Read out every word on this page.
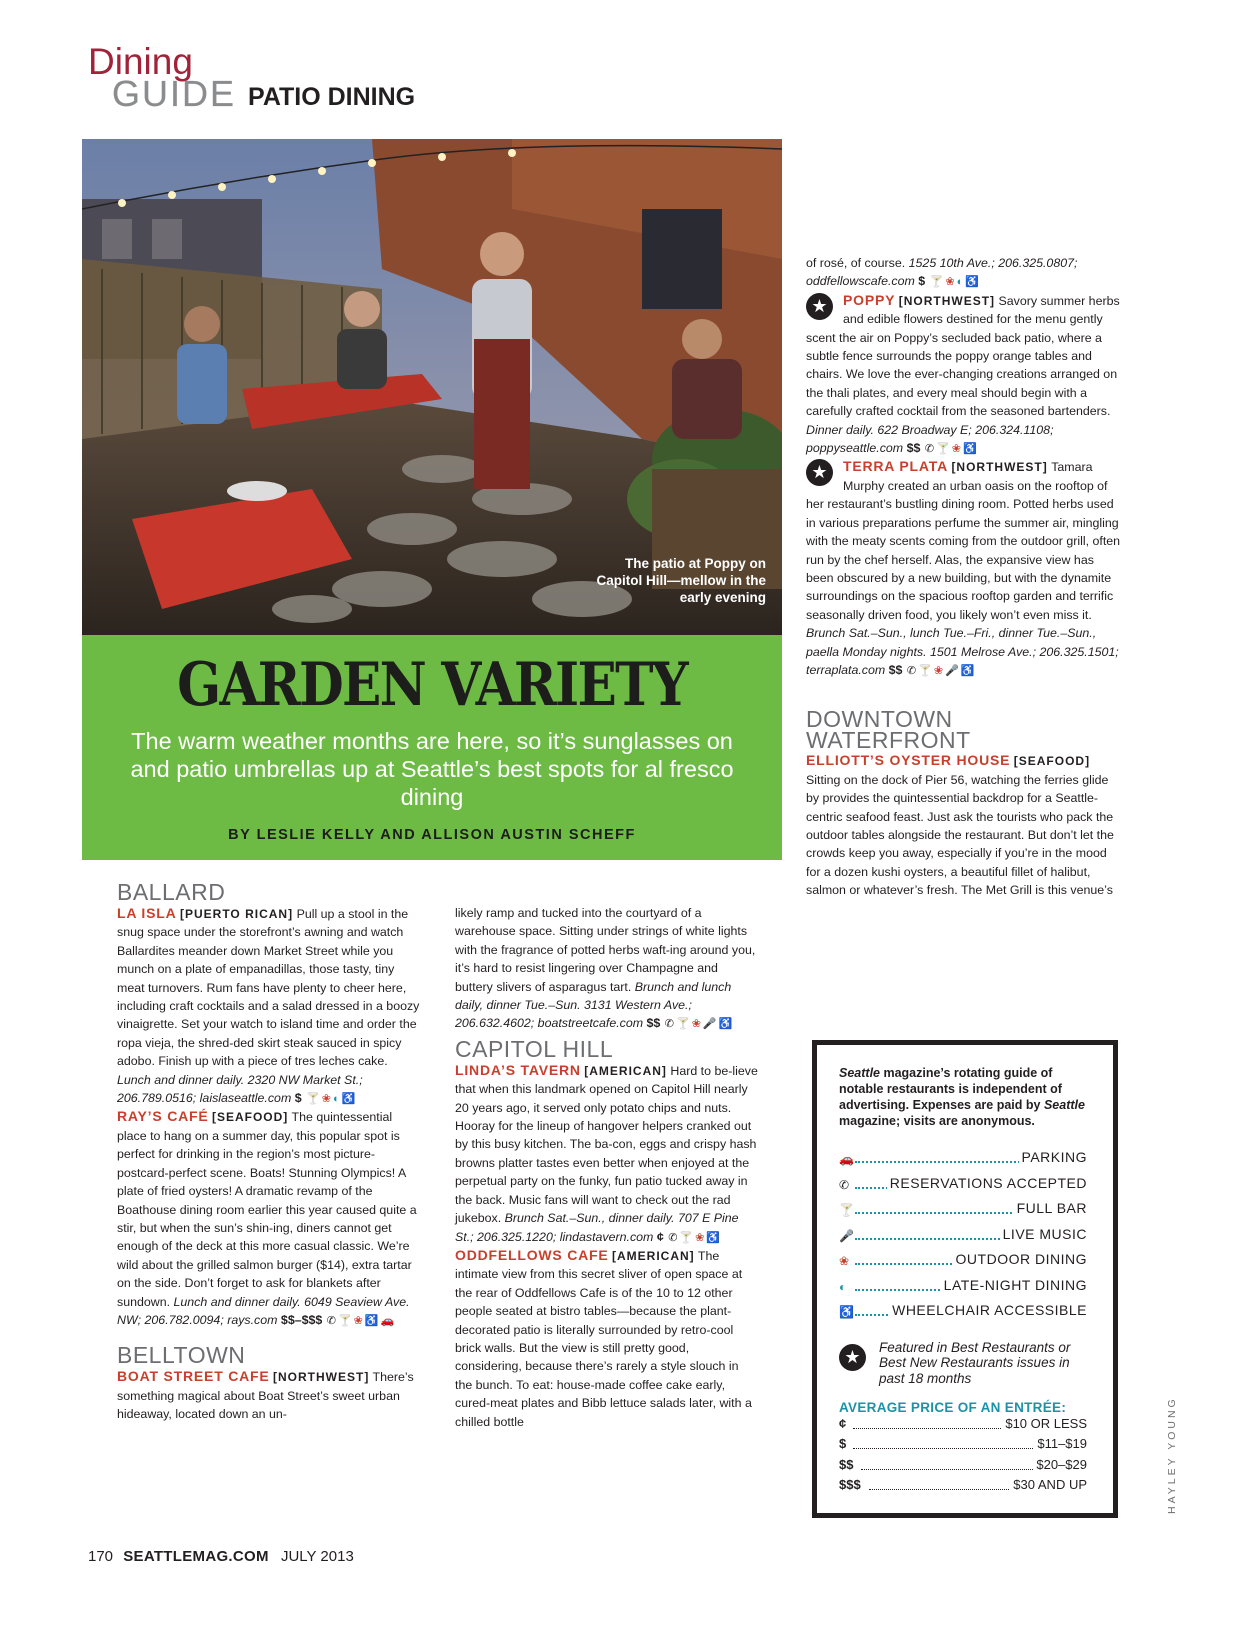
Dining
GUIDE PATIO DINING
The patio at Poppy on Capitol Hill—mellow in the early evening
GARDEN VARIETY
The warm weather months are here, so it’s sunglasses on and patio umbrellas up at Seattle’s best spots for al fresco dining
BY LESLIE KELLY AND ALLISON AUSTIN SCHEFF
BALLARD

LA ISLA [PUERTO RICAN] Pull up a stool in the snug space under the storefront’s awning and watch Ballardites meander down Market Street while you munch on a plate of empanadillas, those tasty, tiny meat turnovers. Rum fans have plenty to cheer here, including craft cocktails and a salad dressed in a boozy vinaigrette. Set your watch to island time and order the ropa vieja, the shred-ded skirt steak sauced in spicy adobo. Finish up with a piece of tres leches cake. Lunch and dinner daily. 2320 NW Market St.; 206.789.0516; laislaseattle.com $ 🍸 ❀ ◐ ♿

RAY’S CAFÉ [SEAFOOD] The quintessential place to hang on a summer day, this popular spot is perfect for drinking in the region’s most picture-postcard-perfect scene. Boats! Stunning Olympics! A plate of fried oysters! A dramatic revamp of the Boathouse dining room earlier this year caused quite a stir, but when the sun’s shin-ing, diners cannot get enough of the deck at this more casual classic. We’re wild about the grilled salmon burger ($14), extra tartar on the side. Don’t forget to ask for blankets after sundown. Lunch and dinner daily. 6049 Seaview Ave. NW; 206.782.0094; rays.com $$–$$$ ✆ 🍸 ❀ ♿ 🚗

BELLTOWN

BOAT STREET CAFE [NORTHWEST] There’s something magical about Boat Street’s sweet urban hideaway, located down an un-

likely ramp and tucked into the courtyard of a warehouse space. Sitting under strings of white lights with the fragrance of potted herbs waft-ing around you, it’s hard to resist lingering over Champagne and buttery slivers of asparagus tart. Brunch and lunch daily, dinner Tue.–Sun. 3131 Western Ave.; 206.632.4602; boatstreetcafe.com $$ ✆ 🍸 ❀ 🎤 ♿

CAPITOL HILL

LINDA’S TAVERN [AMERICAN] Hard to be-lieve that when this landmark opened on Capitol Hill nearly 20 years ago, it served only potato chips and nuts. Hooray for the lineup of hangover helpers cranked out by this busy kitchen. The ba-con, eggs and crispy hash browns platter tastes even better when enjoyed at the perpetual party on the funky, fun patio tucked away in the back. Music fans will want to check out the rad jukebox. Brunch Sat.–Sun., dinner daily. 707 E Pine St.; 206.325.1220; lindastavern.com ¢ ✆ 🍸 ❀ ♿

ODDFELLOWS CAFE [AMERICAN] The intimate view from this secret sliver of open space at the rear of Oddfellows Cafe is of the 10 to 12 other people seated at bistro tables—because the plant-decorated patio is literally surrounded by retro-cool brick walls. But the view is still pretty good, considering, because there’s rarely a style slouch in the bunch. To eat: house-made coffee cake early, cured-meat plates and Bibb lettuce salads later, with a chilled bottle

of rosé, of course. 1525 10th Ave.; 206.325.0807; oddfellowscafe.com $ 🍸 ❀ ◐ ♿

POPPY [NORTHWEST]
★	Savory summer herbs and edible flowers destined for the menu gently scent the air on Poppy’s secluded back patio, where a subtle fence surrounds the poppy orange tables and chairs. We love the ever-changing creations arranged on the thali plates, and every meal should begin with a carefully crafted cocktail from the seasoned bartenders. Dinner daily. 622 Broadway E; 206.324.1108; poppyseattle.com $$ ✆ 🍸 ❀ ♿

TERRA PLATA [NORTHWEST]
★	Tamara Murphy created an urban oasis on the rooftop of her restaurant’s bustling dining room. Potted herbs used in various preparations perfume the summer air, mingling with the meaty scents coming from the outdoor grill, often run by the chef herself. Alas, the expansive view has been obscured by a new building, but with the dynamite surroundings on the spacious rooftop garden and terrific seasonally driven food, you likely won’t even miss it. Brunch Sat.–Sun., lunch Tue.–Fri., dinner Tue.–Sun., paella Monday nights. 1501 Melrose Ave.; 206.325.1501; terraplata.com $$ ✆ 🍸 ❀ 🎤 ♿

DOWNTOWN
WATERFRONT

ELLIOTT’S OYSTER HOUSE [SEAFOOD] Sitting on the dock of Pier 56, watching the ferries glide by provides the quintessential backdrop for a Seattle-centric seafood feast. Just ask the tourists who pack the outdoor tables alongside the restaurant. But don’t let the crowds keep you away, especially if you’re in the mood for a dozen kushi oysters, a beautiful fillet of halibut, salmon or whatever’s fresh. The Met Grill is this venue’s

Seattle magazine’s rotating guide of notable restaurants is independent of advertising. Expenses are paid by Seattle magazine; visits are anonymous.
🚗	PARKING
✆	RESERVATIONS ACCEPTED
🍸	FULL BAR
🎤	LIVE MUSIC
❀	OUTDOOR DINING
◐	LATE-NIGHT DINING
♿	WHEELCHAIR ACCESSIBLE
★	Featured in Best Restaurants or Best New Restaurants issues in past 18 months
AVERAGE PRICE OF AN ENTRÉE:
¢	$10 OR LESS
$	$11–$19
$$	$20–$29
$$$	$30 AND UP
170 SEATTLEMAG.COM JULY 2013
HAYLEY YOUNG
